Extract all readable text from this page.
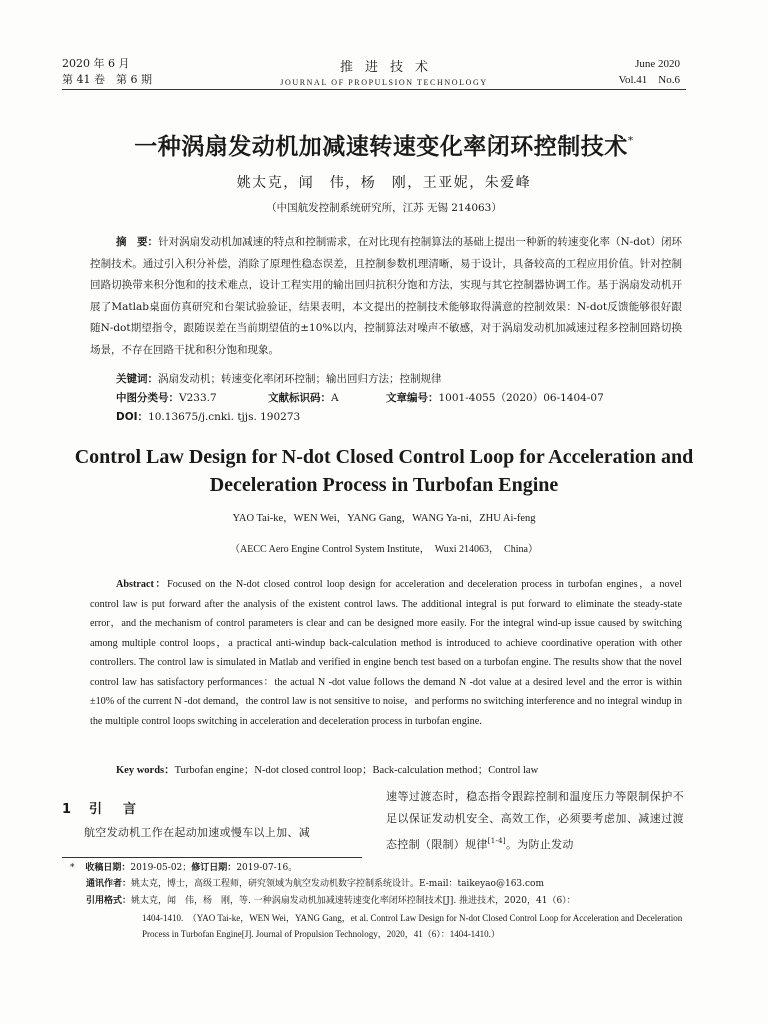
2020 年 6 月
第 41 卷　第 6 期
推进技术
JOURNAL OF PROPULSION TECHNOLOGY
June 2020
Vol.41　No.6
一种涡扇发动机加减速转速变化率闭环控制技术*
姚太克，闻　伟，杨　刚，王亚妮，朱爱峰
（中国航发控制系统研究所，江苏 无锡 214063）
摘　要：针对涡扇发动机加减速的特点和控制需求，在对比现有控制算法的基础上提出一种新的转速变化率（N-dot）闭环控制技术。通过引入积分补偿，消除了原理性稳态误差，且控制参数机理清晰，易于设计，具备较高的工程应用价值。针对控制回路切换带来积分饱和的技术难点，设计工程实用的输出回归抗积分饱和方法，实现与其它控制器协调工作。基于涡扇发动机开展了Matlab桌面仿真研究和台架试验验证，结果表明，本文提出的控制技术能够取得满意的控制效果：N-dot反馈能够很好跟随N-dot期望指令，跟随误差在当前期望值的±10%以内，控制算法对噪声不敏感，对于涡扇发动机加减速过程多控制回路切换场景，不存在回路干扰和积分饱和现象。
关键词：涡扇发动机；转速变化率闭环控制；输出回归方法；控制规律
中图分类号：V233.7	文献标识码：A	文章编号：1001-4055（2020）06-1404-07
DOI：10.13675/j.cnki. tjjs. 190273
Control Law Design for N-dot Closed Control Loop for Acceleration and Deceleration Process in Turbofan Engine
YAO Tai-ke，WEN Wei，YANG Gang，WANG Ya-ni，ZHU Ai-feng
（AECC Aero Engine Control System Institute，　Wuxi 214063，　China）
Abstract：Focused on the N-dot closed control loop design for acceleration and deceleration process in turbofan engines，a novel control law is put forward after the analysis of the existent control laws. The additional integral is put forward to eliminate the steady-state error，and the mechanism of control parameters is clear and can be designed more easily. For the integral wind-up issue caused by switching among multiple control loops，a practical anti-windup back-calculation method is introduced to achieve coordinative operation with other controllers. The control law is simulated in Matlab and verified in engine bench test based on a turbofan engine. The results show that the novel control law has satisfactory performances：the actual N -dot value follows the demand N -dot value at a desired level and the error is within ±10% of the current N -dot demand，the control law is not sensitive to noise，and performs no switching interference and no integral windup in the multiple control loops switching in acceleration and deceleration process in turbofan engine.
Key words：Turbofan engine；N-dot closed control loop；Back-calculation method；Control law
1 引　言
航空发动机工作在起动加速或慢车以上加、减
速等过渡态时，稳态指令跟踪控制和温度压力等限制保护不足以保证发动机安全、高效工作，必须要考虑加、减速过渡态控制（限制）规律[1-4]。为防止发动
* 收稿日期：2019-05-02；修订日期：2019-07-16。
通讯作者：姚太克，博士，高级工程师，研究领域为航空发动机数字控制系统设计。E-mail：taikeyao@163.com
引用格式：姚太克，闻　伟，杨　刚，等. 一种涡扇发动机加减速转速变化率闭环控制技术[J]. 推进技术，2020，41（6）：
1404-1410.　（YAO Tai-ke，WEN Wei，YANG Gang，et al. Control Law Design for N-dot Closed Control Loop for Acceleration and Deceleration Process in Turbofan Engine[J]. Journal of Propulsion Technology，2020，41（6）：1404-1410.）
